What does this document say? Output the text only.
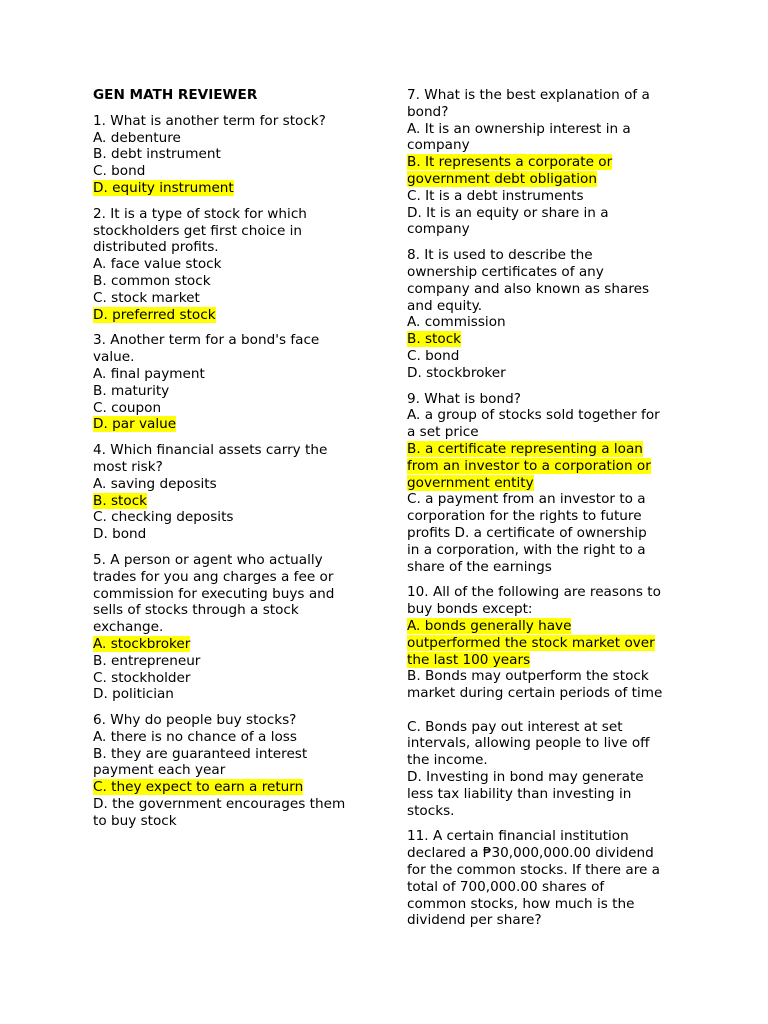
GEN MATH REVIEWER
1. What is another term for stock?
A. debenture
B. debt instrument
C. bond
D. equity instrument
2. It is a type of stock for which
stockholders get first choice in
distributed profits.
A. face value stock
B. common stock
C. stock market
D. preferred stock
3. Another term for a bond's face
value.
A. final payment
B. maturity
C. coupon
D. par value
4. Which financial assets carry the
most risk?
A. saving deposits
B. stock
C. checking deposits
D. bond
5. A person or agent who actually
trades for you ang charges a fee or
commission for executing buys and
sells of stocks through a stock
exchange.
A. stockbroker
B. entrepreneur
C. stockholder
D. politician
6. Why do people buy stocks?
A. there is no chance of a loss
B. they are guaranteed interest
payment each year
C. they expect to earn a return
D. the government encourages them
to buy stock
7. What is the best explanation of a
bond?
A. It is an ownership interest in a
company
B. It represents a corporate or
government debt obligation
C. It is a debt instruments
D. It is an equity or share in a
company
8. It is used to describe the
ownership certificates of any
company and also known as shares
and equity.
A. commission
B. stock
C. bond
D. stockbroker
9. What is bond?
A. a group of stocks sold together for
a set price
B. a certificate representing a loan
from an investor to a corporation or
government entity
C. a payment from an investor to a
corporation for the rights to future
profits D. a certificate of ownership
in a corporation, with the right to a
share of the earnings
10. All of the following are reasons to
buy bonds except:
A. bonds generally have
outperformed the stock market over
the last 100 years
B. Bonds may outperform the stock
market during certain periods of time

C. Bonds pay out interest at set
intervals, allowing people to live off
the income.
D. Investing in bond may generate
less tax liability than investing in
stocks.
11. A certain financial institution
declared a ₱30,000,000.00 dividend
for the common stocks. If there are a
total of 700,000.00 shares of
common stocks, how much is the
dividend per share?
